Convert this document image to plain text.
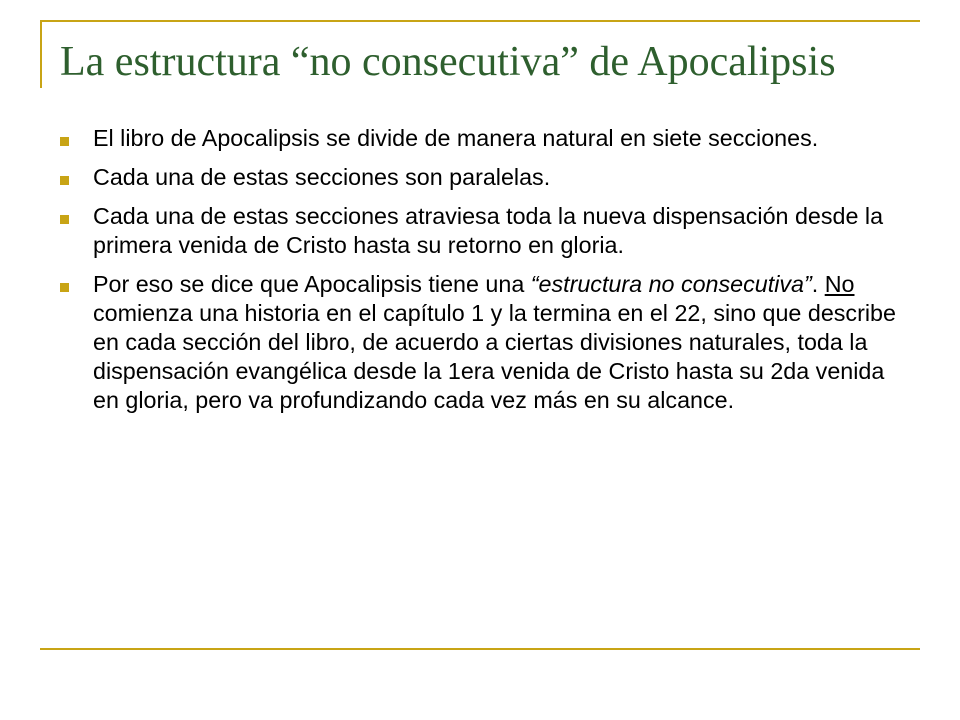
La estructura “no consecutiva” de Apocalipsis
El libro de Apocalipsis se divide de manera natural en siete secciones.
Cada una de estas secciones son paralelas.
Cada una de estas secciones atraviesa toda la nueva dispensación desde la primera venida de Cristo hasta su retorno en gloria.
Por eso se dice que Apocalipsis tiene una “estructura no consecutiva”. No comienza una historia en el capítulo 1 y la termina en el 22, sino que describe en cada sección del libro, de acuerdo a ciertas divisiones naturales, toda la dispensación evangélica desde la 1era venida de Cristo hasta su 2da venida en gloria, pero va profundizando cada vez más en su alcance.
